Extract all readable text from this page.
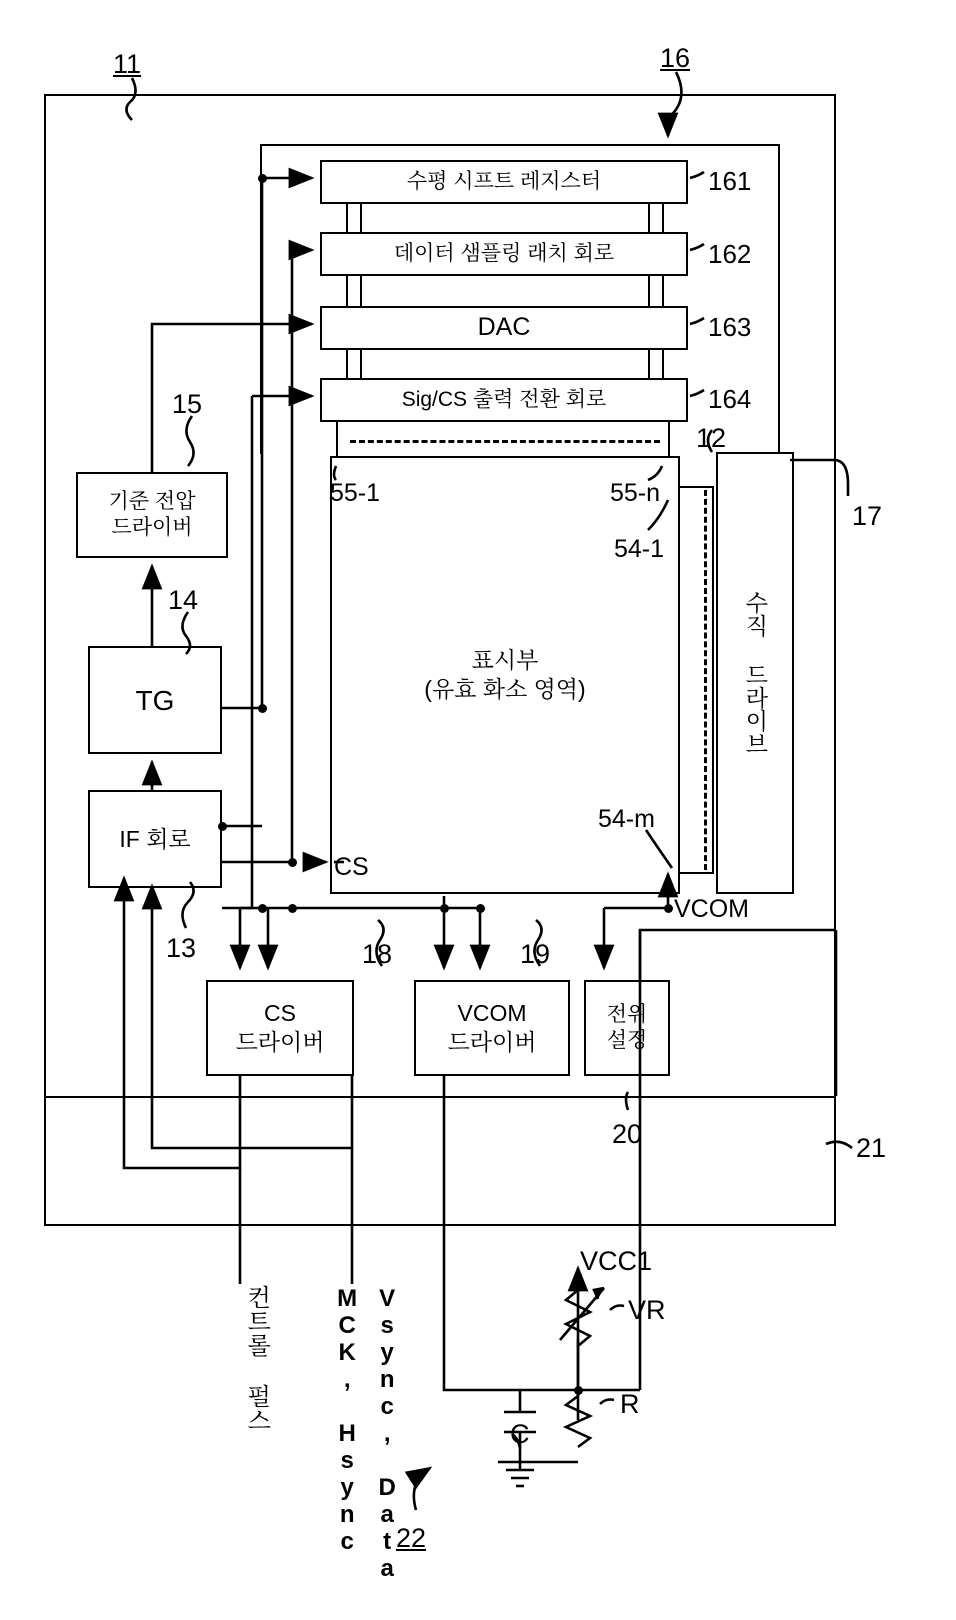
수평 시프트 레지스터
데이터 샘플링 래치 회로
DAC
Sig/CS 출력 전환 회로
표시부
(유효 화소 영역)	수직 드라이브
기준 전압
드라이버
TG
IF 회로
CS
드라이버
VCOM
드라이버
전위
설정
11	16
161
162
163
164
15
14
13
12
17
18	19
20	21
22
55-1	55-n
54-1
54-m
CS
VCOM

컨트롤 펄스
	MCK, Hsync
Vsync, Data

VCC1
VR
R
C
